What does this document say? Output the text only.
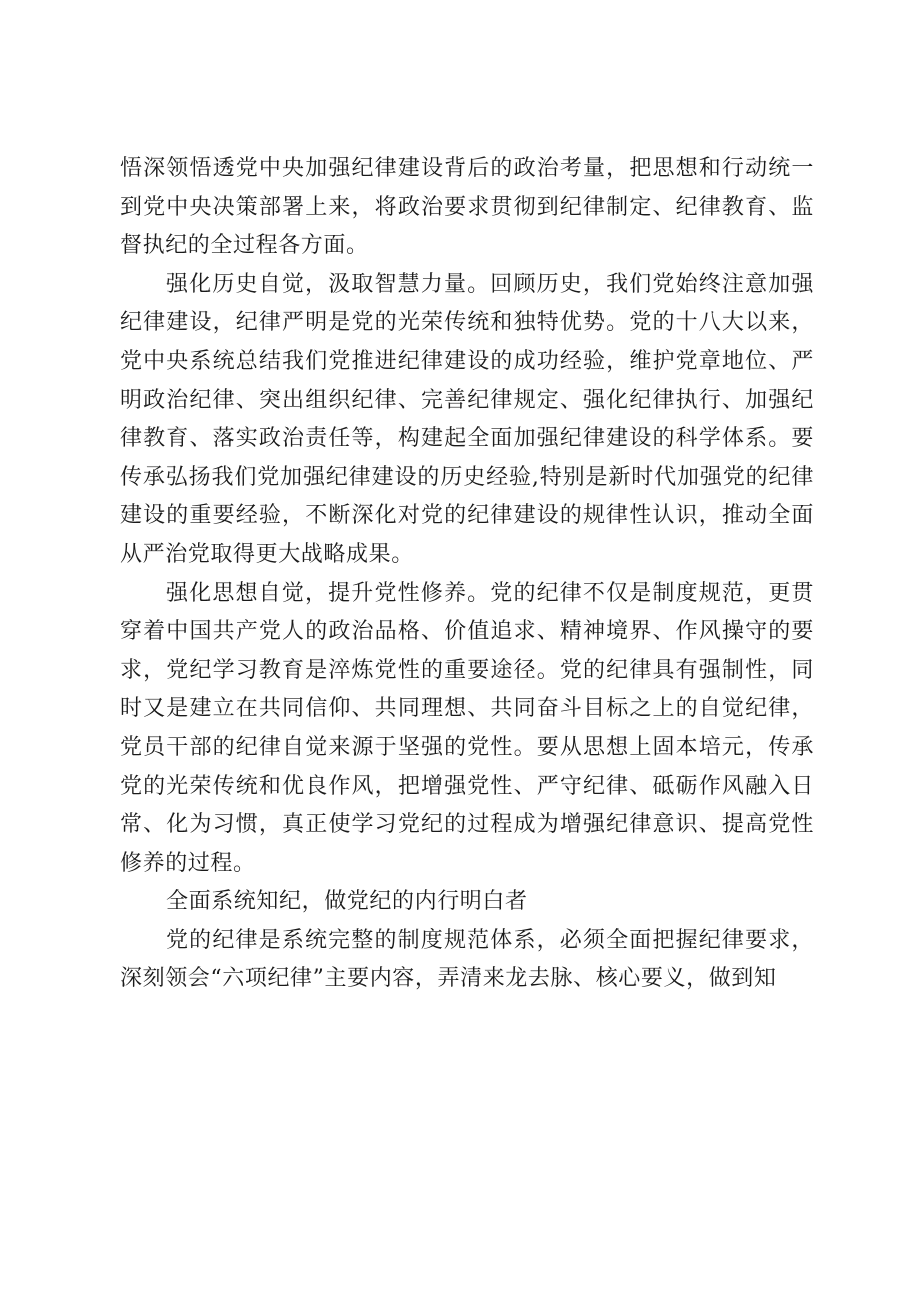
悟深领悟透党中央加强纪律建设背后的政治考量，把思想和行动统一到党中央决策部署上来，将政治要求贯彻到纪律制定、纪律教育、监督执纪的全过程各方面。

强化历史自觉，汲取智慧力量。回顾历史，我们党始终注意加强纪律建设，纪律严明是党的光荣传统和独特优势。党的十八大以来，党中央系统总结我们党推进纪律建设的成功经验，维护党章地位、严明政治纪律、突出组织纪律、完善纪律规定、强化纪律执行、加强纪律教育、落实政治责任等，构建起全面加强纪律建设的科学体系。要传承弘扬我们党加强纪律建设的历史经验,特别是新时代加强党的纪律建设的重要经验，不断深化对党的纪律建设的规律性认识，推动全面从严治党取得更大战略成果。

强化思想自觉，提升党性修养。党的纪律不仅是制度规范，更贯穿着中国共产党人的政治品格、价值追求、精神境界、作风操守的要求，党纪学习教育是淬炼党性的重要途径。党的纪律具有强制性，同时又是建立在共同信仰、共同理想、共同奋斗目标之上的自觉纪律，党员干部的纪律自觉来源于坚强的党性。要从思想上固本培元，传承党的光荣传统和优良作风，把增强党性、严守纪律、砥砺作风融入日常、化为习惯，真正使学习党纪的过程成为增强纪律意识、提高党性修养的过程。

全面系统知纪，做党纪的内行明白者

党的纪律是系统完整的制度规范体系，必须全面把握纪律要求，深刻领会“六项纪律”主要内容，弄清来龙去脉、核心要义，做到知
